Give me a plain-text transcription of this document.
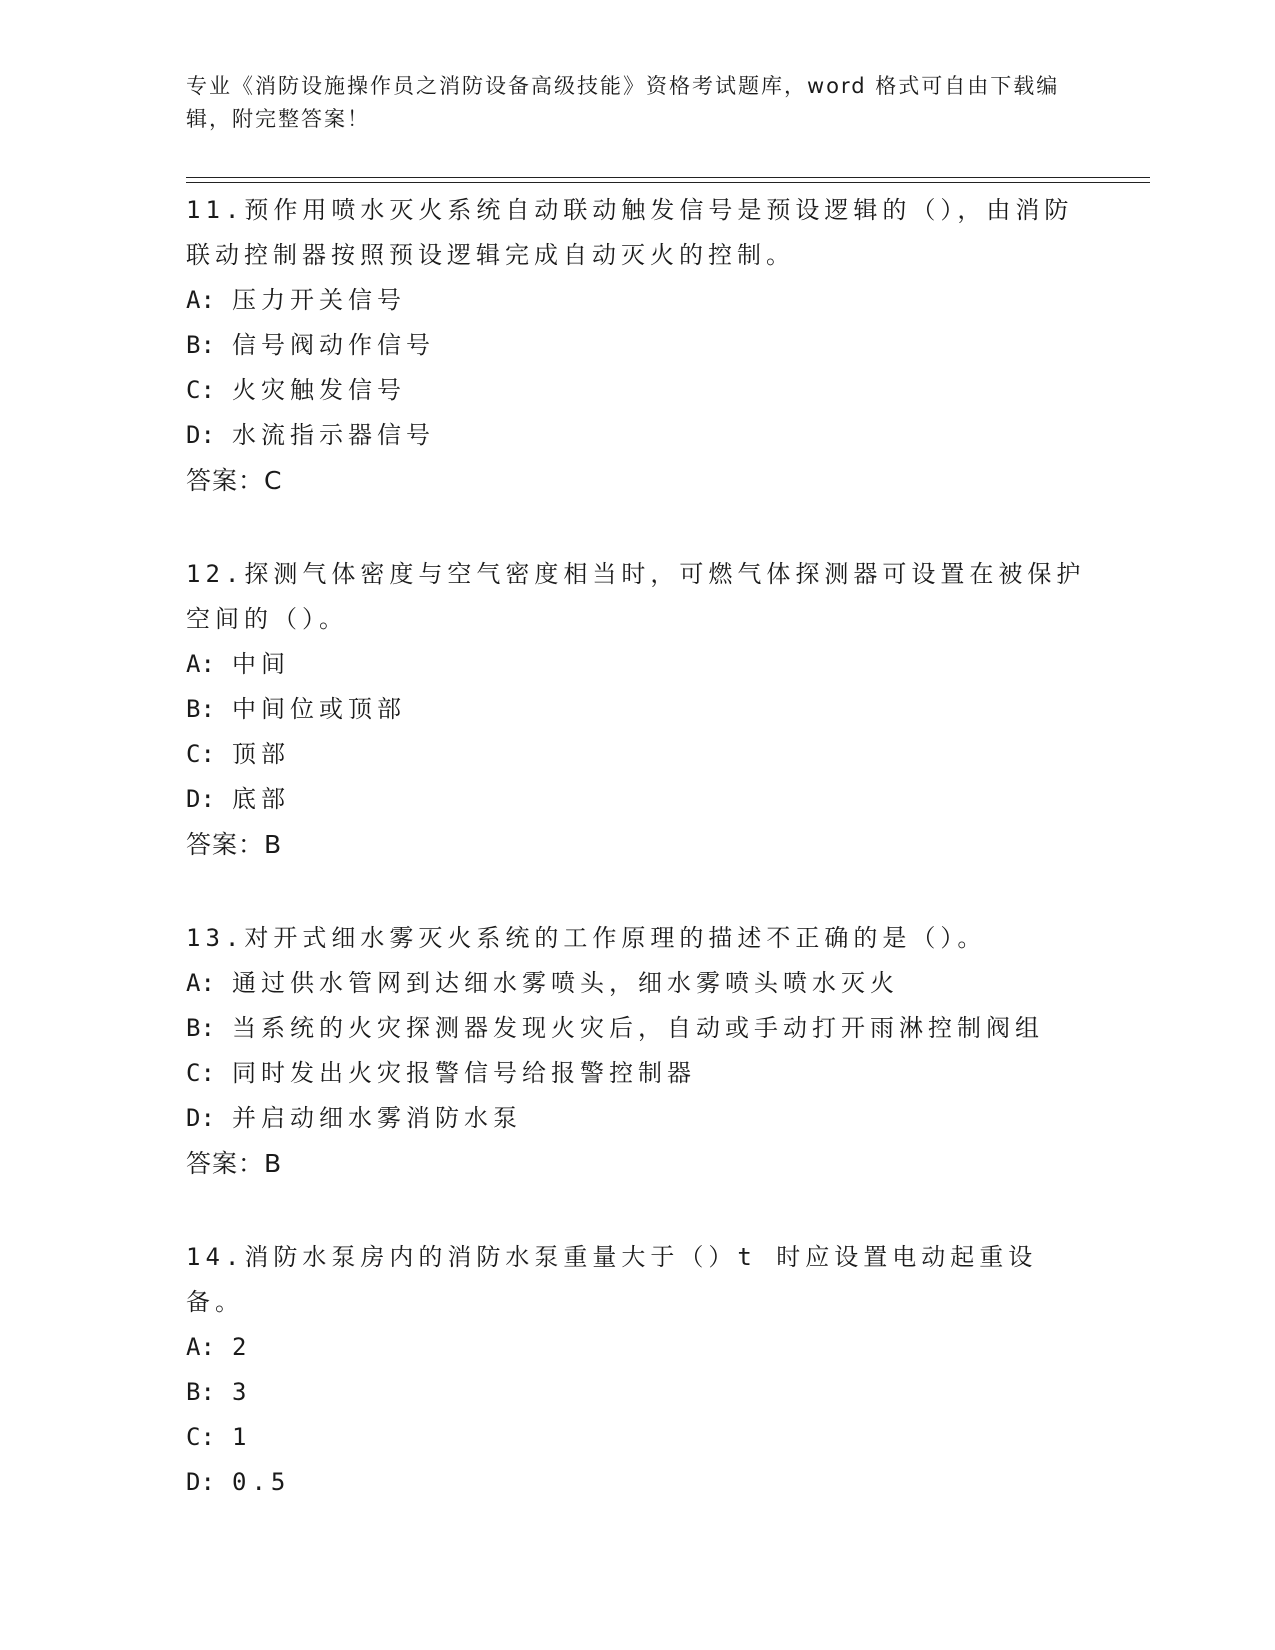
专业《消防设施操作员之消防设备高级技能》资格考试题库，word 格式可自由下载编辑，附完整答案！

11.预作用喷水灭火系统自动联动触发信号是预设逻辑的（），由消防联动控制器按照预设逻辑完成自动灭火的控制。

A: 压力开关信号

B: 信号阀动作信号

C: 火灾触发信号

D: 水流指示器信号

答案：C

12.探测气体密度与空气密度相当时，可燃气体探测器可设置在被保护空间的（）。

A: 中间

B: 中间位或顶部

C: 顶部

D: 底部

答案：B

13.对开式细水雾灭火系统的工作原理的描述不正确的是（）。

A: 通过供水管网到达细水雾喷头，细水雾喷头喷水灭火

B: 当系统的火灾探测器发现火灾后，自动或手动打开雨淋控制阀组

C: 同时发出火灾报警信号给报警控制器

D: 并启动细水雾消防水泵

答案：B

14.消防水泵房内的消防水泵重量大于（）t 时应设置电动起重设备。

A: 2

B: 3

C: 1

D: 0.5
